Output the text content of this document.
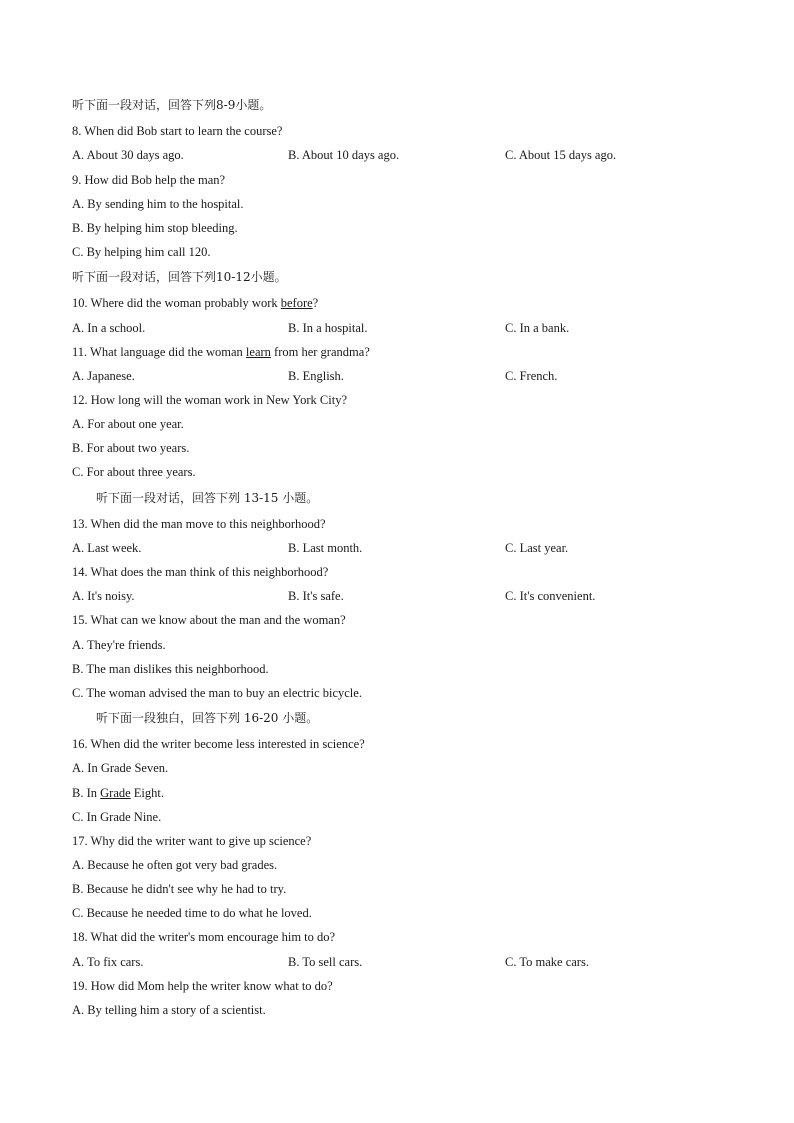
听下面一段对话，回答下列8-9小题。
8. When did Bob start to learn the course?
A. About 30 days ago.	B. About 10 days ago.	C. About 15 days ago.
9. How did Bob help the man?
A. By sending him to the hospital.
B. By helping him stop bleeding.
C. By helping him call 120.
听下面一段对话，回答下列10-12小题。
10. Where did the woman probably work before?
A. In a school.	B. In a hospital.	C. In a bank.
11. What language did the woman learn from her grandma?
A. Japanese.	B. English.	C. French.
12. How long will the woman work in New York City?
A. For about one year.
B. For about two years.
C. For about three years.
听下面一段对话，回答下列 13-15 小题。
13. When did the man move to this neighborhood?
A. Last week.	B. Last month.	C. Last year.
14. What does the man think of this neighborhood?
A. It's noisy.	B. It's safe.	C. It's convenient.
15. What can we know about the man and the woman?
A. They're friends.
B. The man dislikes this neighborhood.
C. The woman advised the man to buy an electric bicycle.
听下面一段独白，回答下列 16-20 小题。
16. When did the writer become less interested in science?
A. In Grade Seven.
B. In Grade Eight.
C. In Grade Nine.
17. Why did the writer want to give up science?
A. Because he often got very bad grades.
B. Because he didn't see why he had to try.
C. Because he needed time to do what he loved.
18. What did the writer's mom encourage him to do?
A. To fix cars.	B. To sell cars.	C. To make cars.
19. How did Mom help the writer know what to do?
A. By telling him a story of a scientist.
